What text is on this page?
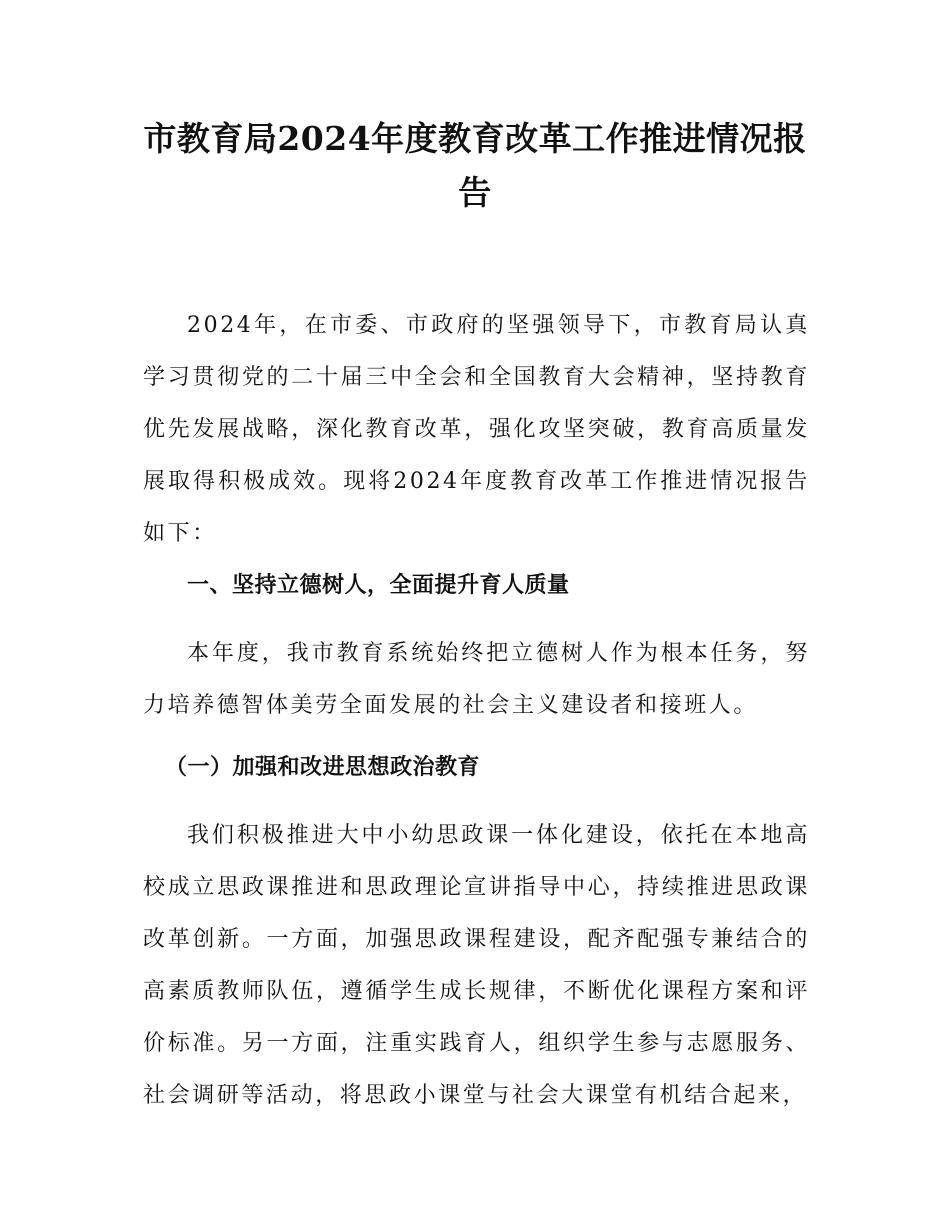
市教育局2024年度教育改革工作推进情况报告

2024年，在市委、市政府的坚强领导下，市教育局认真学习贯彻党的二十届三中全会和全国教育大会精神，坚持教育优先发展战略，深化教育改革，强化攻坚突破，教育高质量发展取得积极成效。现将2024年度教育改革工作推进情况报告如下：

一、坚持立德树人，全面提升育人质量

本年度，我市教育系统始终把立德树人作为根本任务，努力培养德智体美劳全面发展的社会主义建设者和接班人。

（一）加强和改进思想政治教育

我们积极推进大中小幼思政课一体化建设，依托在本地高校成立思政课推进和思政理论宣讲指导中心，持续推进思政课改革创新。一方面，加强思政课程建设，配齐配强专兼结合的高素质教师队伍，遵循学生成长规律，不断优化课程方案和评价标准。另一方面，注重实践育人，组织学生参与志愿服务、社会调研等活动，将思政小课堂与社会大课堂有机结合起来，
